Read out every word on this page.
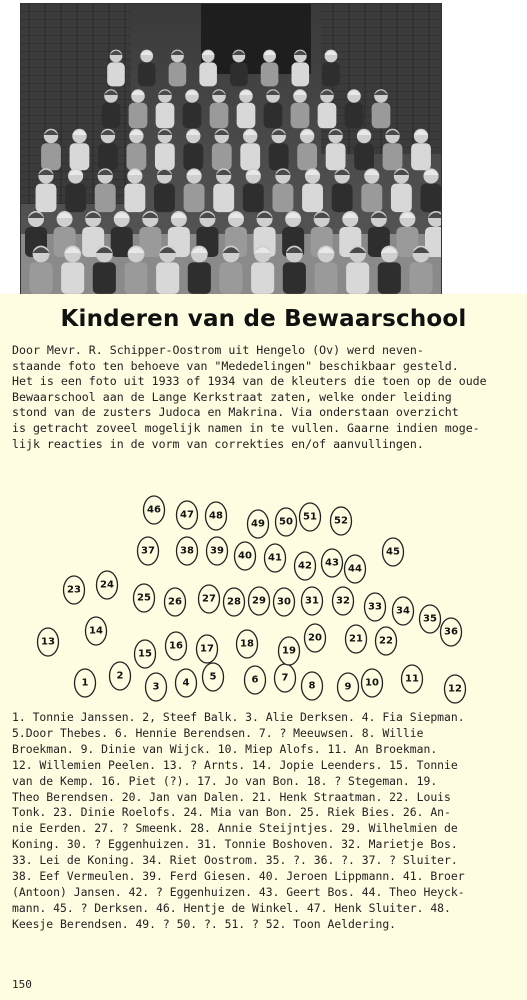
Kinderen van de Bewaarschool
Door Mevr. R. Schipper-Oostrom uit Hengelo (Ov) werd neven-
staande foto ten behoeve van "Mededelingen" beschikbaar gesteld.
Het is een foto uit 1933 of 1934 van de kleuters die toen op de oude
Bewaarschool aan de Lange Kerkstraat zaten, welke onder leiding
stond van de zusters Judoca en Makrina. Via onderstaan overzicht
is getracht zoveel mogelijk namen in te vullen. Gaarne indien moge-
lijk reacties in de vorm van correkties en/of aanvullingen.
1
2
3 4
5	6 7
8	9 10	11
12
13
14
15
16 17	18
19
20	21 22
23 24
25 26 27 28 29 30 31 32
33 34
35
36
37	38 39 40 41
42 43
44
45
46 47 48
49 50 51 52
1. Tonnie Janssen. 2, Steef Balk. 3. Alie Derksen. 4. Fia Siepman.
5.Door Thebes. 6. Hennie Berendsen. 7. ? Meeuwsen. 8. Willie
Broekman. 9. Dinie van Wijck. 10. Miep Alofs. 11. An Broekman.
12. Willemien Peelen. 13. ? Arnts. 14. Jopie Leenders. 15. Tonnie
van de Kemp. 16. Piet (?). 17. Jo van Bon. 18. ? Stegeman. 19.
Theo Berendsen. 20. Jan van Dalen. 21. Henk Straatman. 22. Louis
Tonk. 23. Dinie Roelofs. 24. Mia van Bon. 25. Riek Bies. 26. An-
nie Eerden. 27. ? Smeenk. 28. Annie Steijntjes. 29. Wilhelmien de
Koning. 30. ? Eggenhuizen. 31. Tonnie Boshoven. 32. Marietje Bos.
33. Lei de Koning. 34. Riet Oostrom. 35. ?. 36. ?. 37. ? Sluiter.
38. Eef Vermeulen. 39. Ferd Giesen. 40. Jeroen Lippmann. 41. Broer
(Antoon) Jansen. 42. ? Eggenhuizen. 43. Geert Bos. 44. Theo Heyck-
mann. 45. ? Derksen. 46. Hentje de Winkel. 47. Henk Sluiter. 48.
Keesje Berendsen. 49. ? 50. ?. 51. ? 52. Toon Aeldering.
150
